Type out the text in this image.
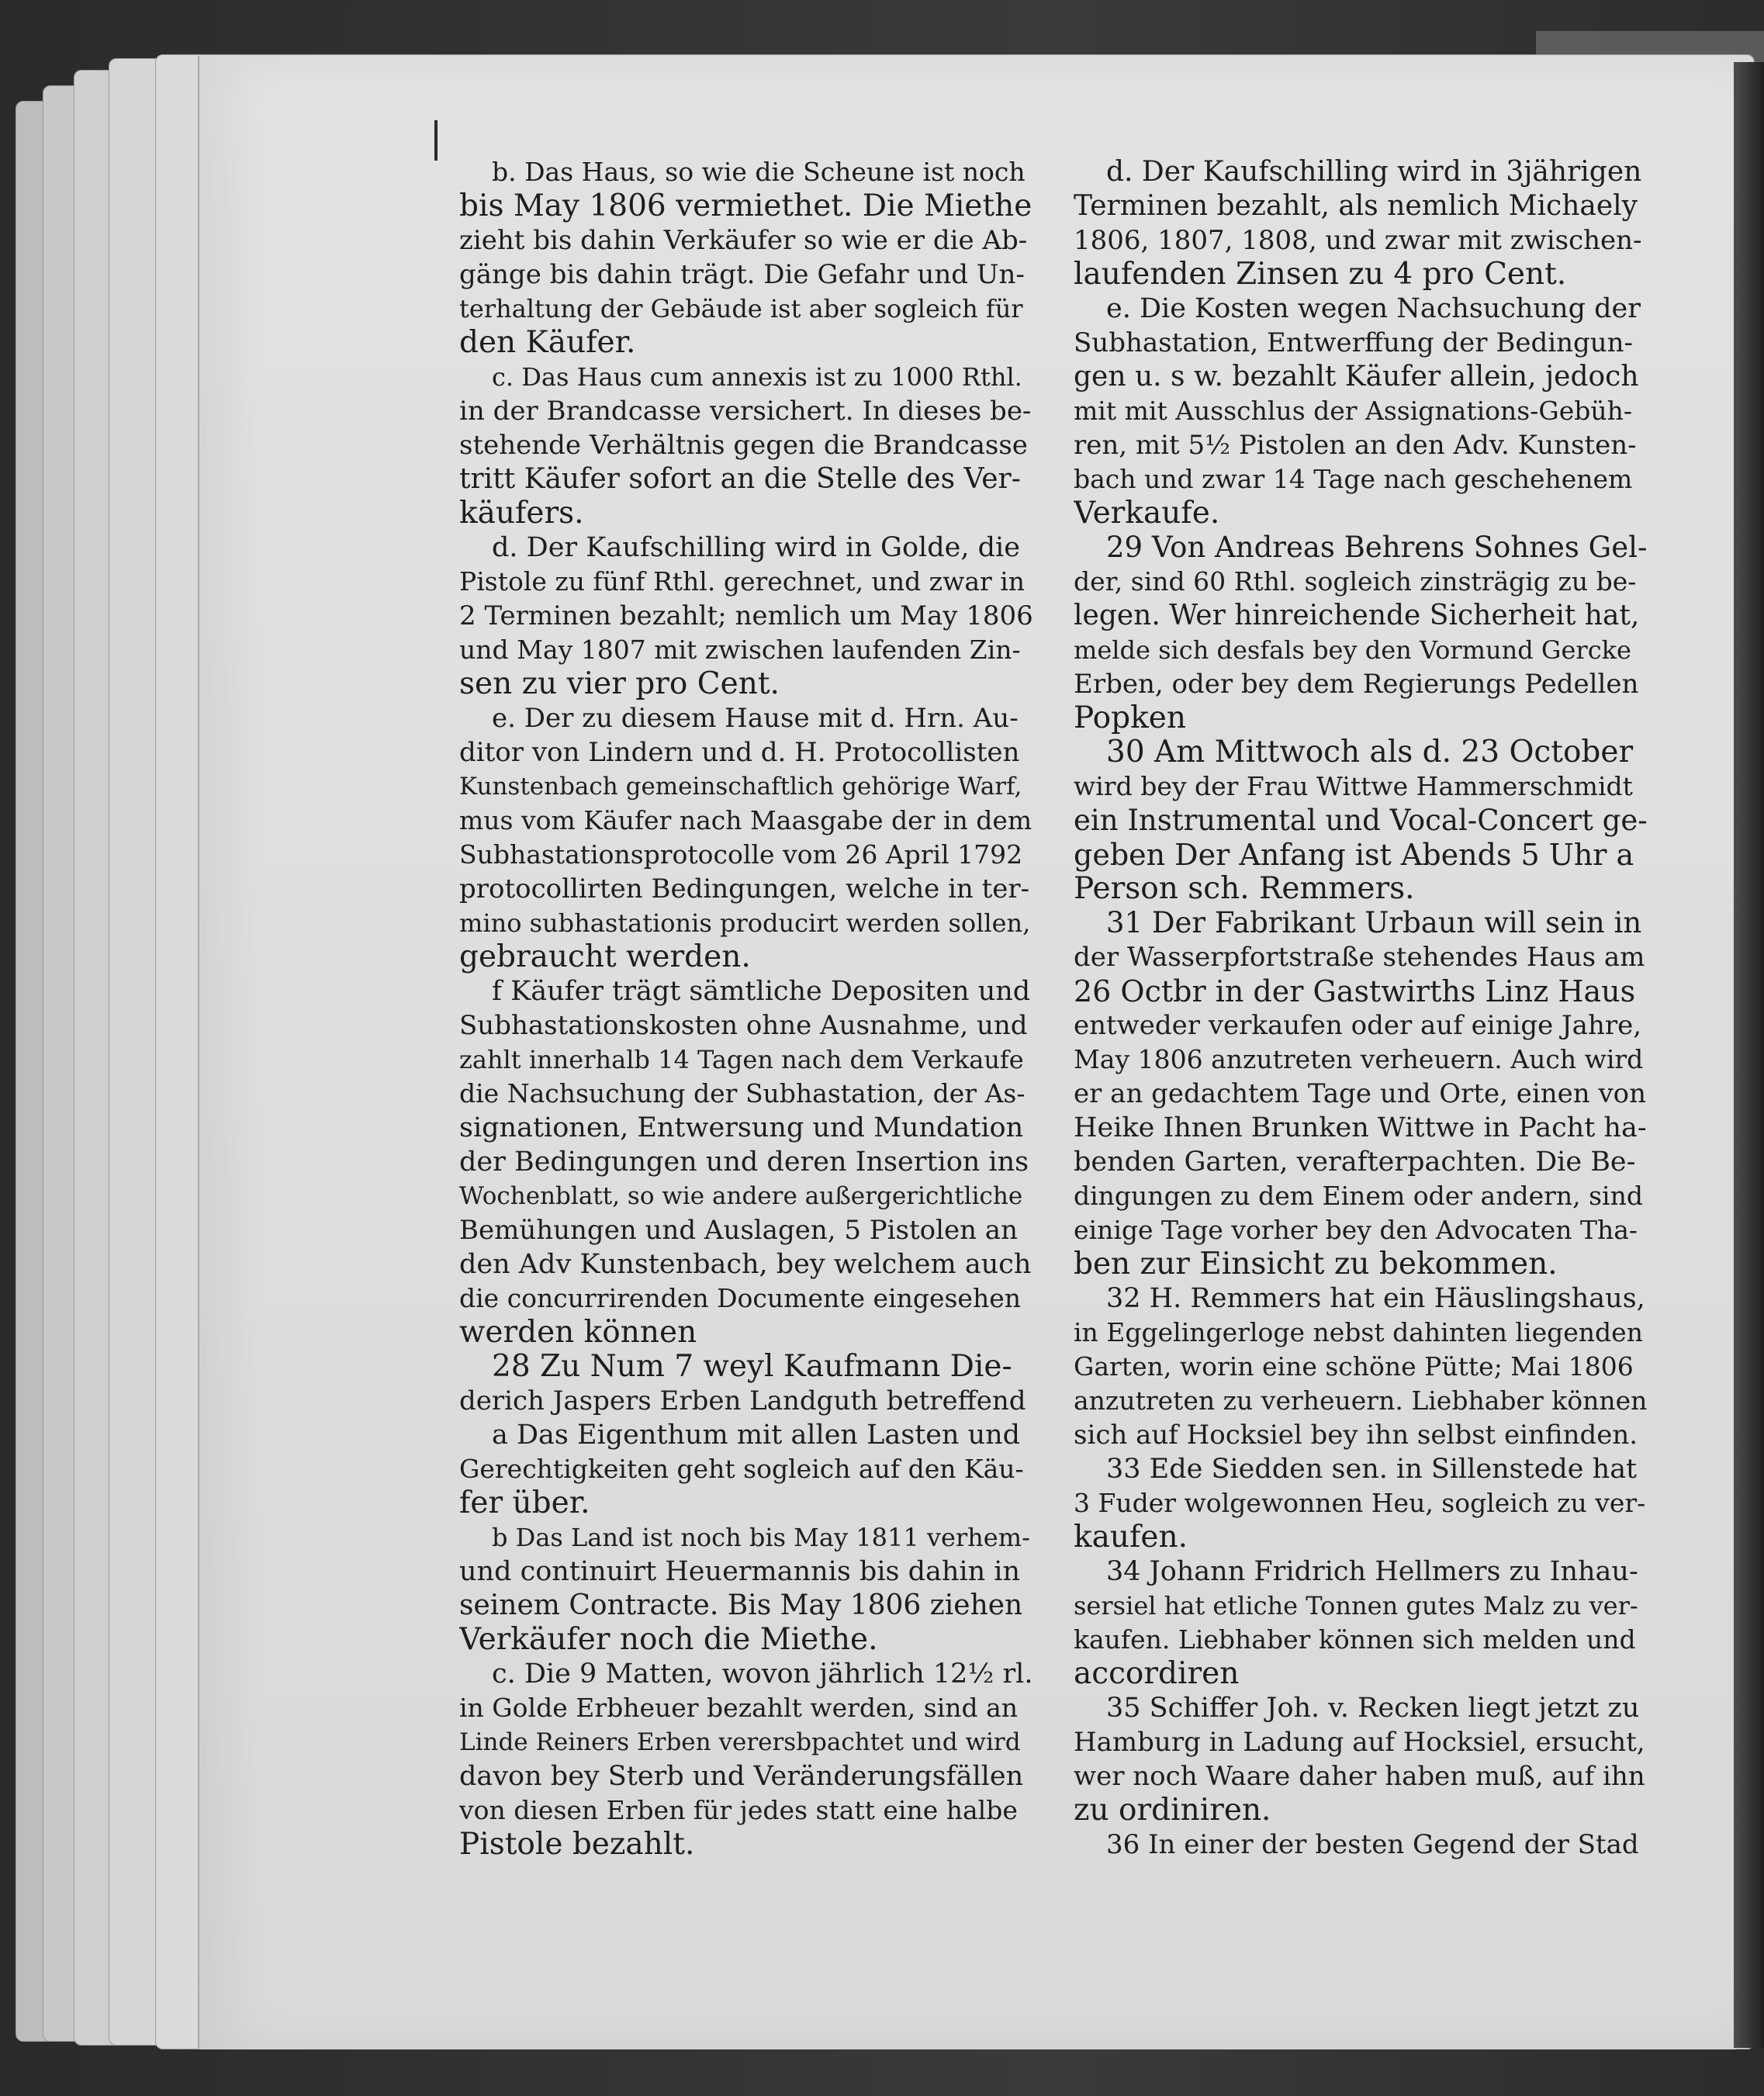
b. Das Haus, so wie die Scheune ist noch
bis May 1806 vermiethet. Die Miethe
zieht bis dahin Verkäufer so wie er die Ab-
gänge bis dahin trägt. Die Gefahr und Un-
terhaltung der Gebäude ist aber sogleich für
den Käufer.
c. Das Haus cum annexis ist zu 1000 Rthl.
in der Brandcasse versichert. In dieses be-
stehende Verhältnis gegen die Brandcasse
tritt Käufer sofort an die Stelle des Ver-
käufers.
d. Der Kaufschilling wird in Golde, die
Pistole zu fünf Rthl. gerechnet, und zwar in
2 Terminen bezahlt; nemlich um May 1806
und May 1807 mit zwischen laufenden Zin-
sen zu vier pro Cent.
e. Der zu diesem Hause mit d. Hrn. Au-
ditor von Lindern und d. H. Protocollisten
Kunstenbach gemeinschaftlich gehörige Warf,
mus vom Käufer nach Maasgabe der in dem
Subhastationsprotocolle vom 26 April 1792
protocollirten Bedingungen, welche in ter-
mino subhastationis producirt werden sollen,
gebraucht werden.
f Käufer trägt sämtliche Depositen und
Subhastationskosten ohne Ausnahme, und
zahlt innerhalb 14 Tagen nach dem Verkaufe
die Nachsuchung der Subhastation, der As-
signationen, Entwersung und Mundation
der Bedingungen und deren Insertion ins
Wochenblatt, so wie andere außergerichtliche
Bemühungen und Auslagen, 5 Pistolen an
den Adv Kunstenbach, bey welchem auch
die concurrirenden Documente eingesehen
werden können
28 Zu Num 7 weyl Kaufmann Die-
derich Jaspers Erben Landguth betreffend
a Das Eigenthum mit allen Lasten und
Gerechtigkeiten geht sogleich auf den Käu-
fer über.
b Das Land ist noch bis May 1811 verhem-
und continuirt Heuermannis bis dahin in
seinem Contracte. Bis May 1806 ziehen
Verkäufer noch die Miethe.
c. Die 9 Matten, wovon jährlich 12½ rl.
in Golde Erbheuer bezahlt werden, sind an
Linde Reiners Erben verersbpachtet und wird
davon bey Sterb und Veränderungsfällen
von diesen Erben für jedes statt eine halbe
Pistole bezahlt.
d. Der Kaufschilling wird in 3jährigen
Terminen bezahlt, als nemlich Michaely
1806, 1807, 1808, und zwar mit zwischen-
laufenden Zinsen zu 4 pro Cent.
e. Die Kosten wegen Nachsuchung der
Subhastation, Entwerffung der Bedingun-
gen u. s w. bezahlt Käufer allein, jedoch
mit mit Ausschlus der Assignations-Gebüh-
ren, mit 5½ Pistolen an den Adv. Kunsten-
bach und zwar 14 Tage nach geschehenem
Verkaufe.
29 Von Andreas Behrens Sohnes Gel-
der, sind 60 Rthl. sogleich zinsträgig zu be-
legen. Wer hinreichende Sicherheit hat,
melde sich desfals bey den Vormund Gercke
Erben, oder bey dem Regierungs Pedellen
Popken
30 Am Mittwoch als d. 23 October
wird bey der Frau Wittwe Hammerschmidt
ein Instrumental und Vocal-Concert ge-
geben Der Anfang ist Abends 5 Uhr a
Person sch. Remmers.
31 Der Fabrikant Urbaun will sein in
der Wasserpfortstraße stehendes Haus am
26 Octbr in der Gastwirths Linz Haus
entweder verkaufen oder auf einige Jahre,
May 1806 anzutreten verheuern. Auch wird
er an gedachtem Tage und Orte, einen von
Heike Ihnen Brunken Wittwe in Pacht ha-
benden Garten, verafterpachten. Die Be-
dingungen zu dem Einem oder andern, sind
einige Tage vorher bey den Advocaten Tha-
ben zur Einsicht zu bekommen.
32 H. Remmers hat ein Häuslingshaus,
in Eggelingerloge nebst dahinten liegenden
Garten, worin eine schöne Pütte; Mai 1806
anzutreten zu verheuern. Liebhaber können
sich auf Hocksiel bey ihn selbst einfinden.
33 Ede Siedden sen. in Sillenstede hat
3 Fuder wolgewonnen Heu, sogleich zu ver-
kaufen.
34 Johann Fridrich Hellmers zu Inhau-
sersiel hat etliche Tonnen gutes Malz zu ver-
kaufen. Liebhaber können sich melden und
accordiren
35 Schiffer Joh. v. Recken liegt jetzt zu
Hamburg in Ladung auf Hocksiel, ersucht,
wer noch Waare daher haben muß, auf ihn
zu ordiniren.
36 In einer der besten Gegend der Stad
